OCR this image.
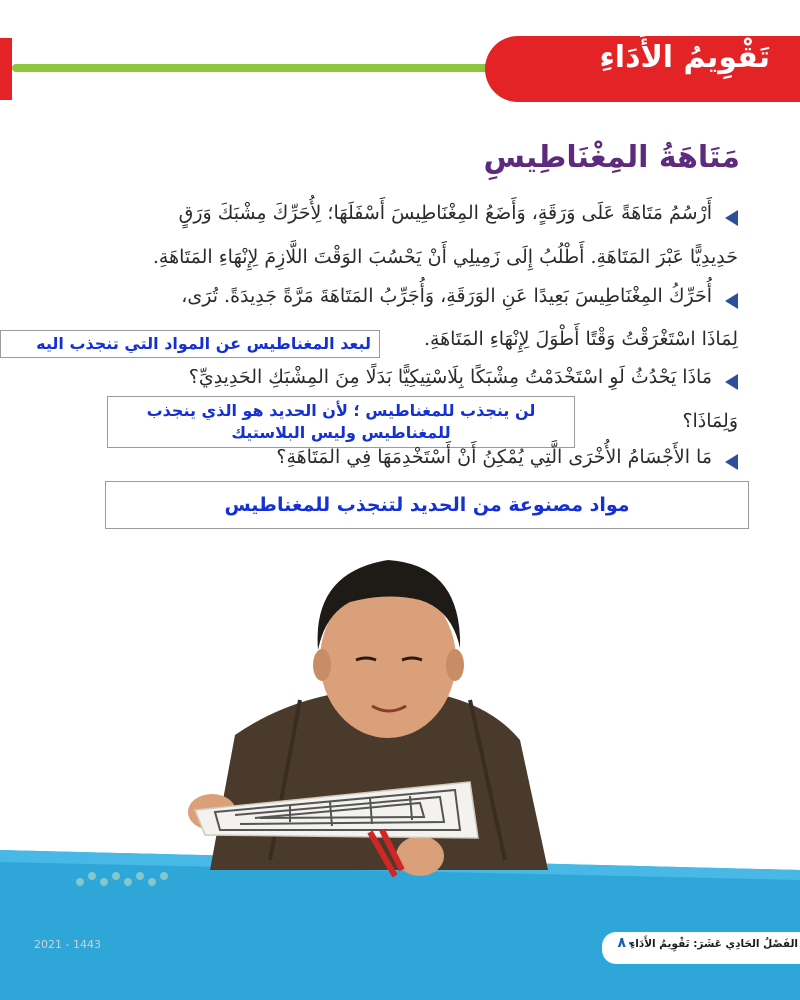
تَقْوِيمُ الأَدَاءِ
مَتَاهَةُ المِغْنَاطِيسِ
أَرْسُمُ مَتَاهَةً عَلَى وَرَقَةٍ، وَأَضَعُ المِغْنَاطِيسَ أَسْفَلَهَا؛ لِأُحَرِّكَ مِشْبَكَ وَرَقٍ
حَدِيدِيًّا عَبْرَ المَتَاهَةِ. أَطْلُبُ إِلَى زَمِيلِي أَنْ يَحْسُبَ الوَقْتَ اللَّازِمَ لِإِنْهَاءِ المَتَاهَةِ.
أُحَرِّكُ المِغْنَاطِيسَ بَعِيدًا عَنِ الوَرَقَةِ، وَأُجَرِّبُ المَتَاهَةَ مَرَّةً جَدِيدَةً. تُرَى،
لِمَاذَا اسْتَغْرَقْتُ وَقْتًا أَطْوَلَ لِإِنْهَاءِ المَتَاهَةِ.
لبعد المغناطيس عن المواد التي تنجذب اليه
مَاذَا يَحْدُثُ لَوِ اسْتَخْدَمْتُ مِشْبَكًا بِلَاسْتِيكِيًّا بَدَلًا مِنَ المِشْبَكِ الحَدِيدِيِّ؟
وَلِمَاذَا؟
لن ينجذب للمغناطيس ؛ لأن الحديد هو الذي ينجذب
للمغناطيس وليس البلاستيك
مَا الأَجْسَامُ الأُخْرَى الَّتِي يُمْكِنُ أَنْ أَسْتَخْدِمَهَا فِي المَتَاهَةِ؟
مواد مصنوعة من الحديد لتنجذب للمغناطيس
2021 - 1443	٨٠
الفَصْلُ الحَادِي عَشَرَ: تَقْوِيمُ الأَدَاءِ
